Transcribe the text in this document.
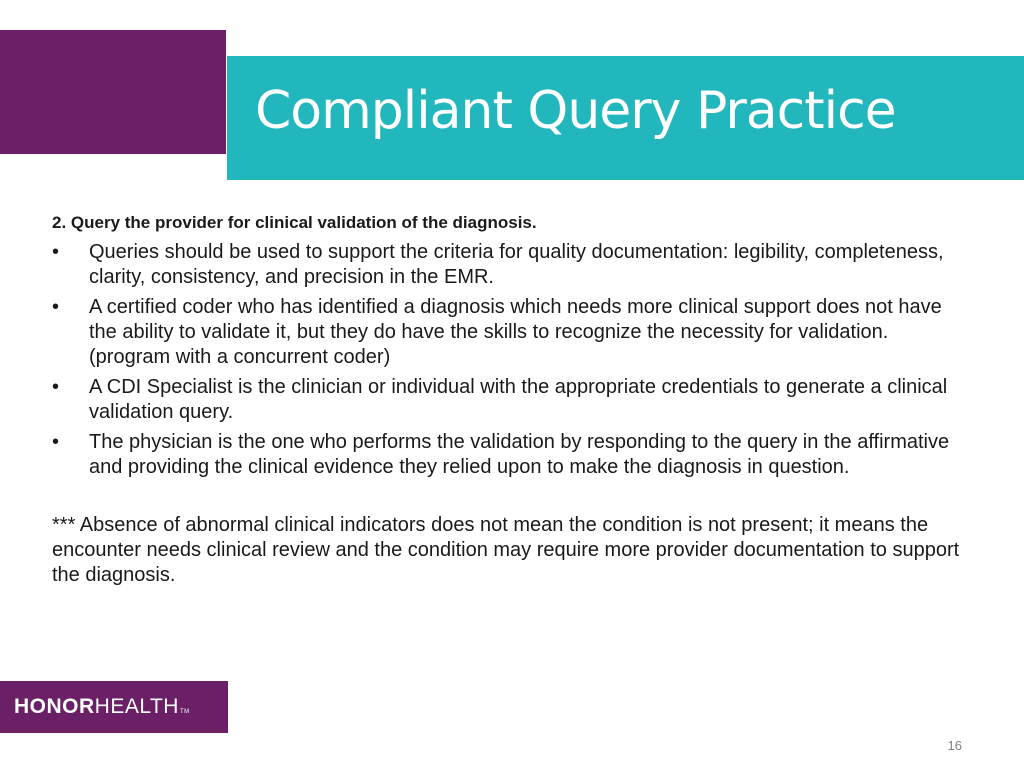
Compliant Query Practice

2. Query the provider for clinical validation of the diagnosis.

• Queries should be used to support the criteria for quality documentation: legibility, completeness, clarity, consistency, and precision in the EMR.
• A certified coder who has identified a diagnosis which needs more clinical support does not have the ability to validate it, but they do have the skills to recognize the necessity for validation. (program with a concurrent coder)
• A CDI Specialist is the clinician or individual with the appropriate credentials to generate a clinical validation query.
• The physician is the one who performs the validation by responding to the query in the affirmative and providing the clinical evidence they relied upon to make the diagnosis in question.

*** Absence of abnormal clinical indicators does not mean the condition is not present; it means the encounter needs clinical review and the condition may require more provider documentation to support the diagnosis.

HONOR HEALTH TM
16
